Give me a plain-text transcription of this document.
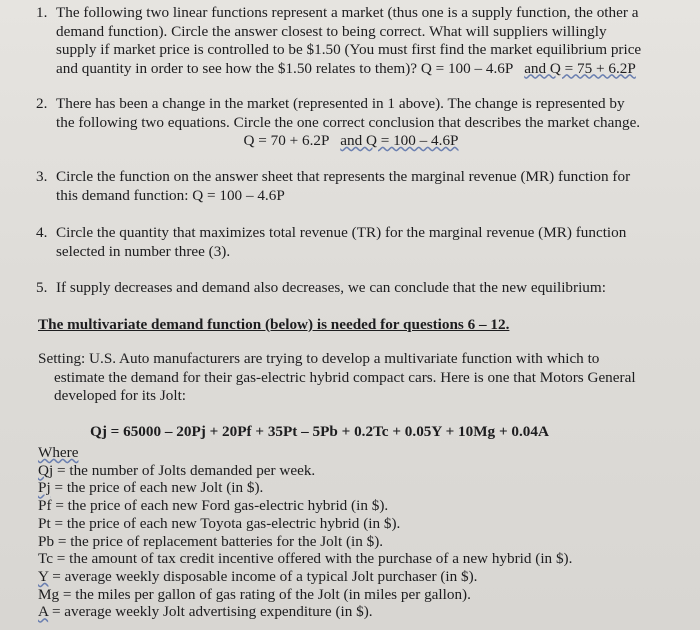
1. The following two linear functions represent a market (thus one is a supply function, the other a
demand function). Circle the answer closest to being correct. What will suppliers willingly
supply if market price is controlled to be $1.50 (You must first find the market equilibrium price
and quantity in order to see how the $1.50 relates to them)? Q = 100 – 4.6P and Q = 75 + 6.2P
2. There has been a change in the market (represented in 1 above). The change is represented by
the following two equations. Circle the one correct conclusion that describes the market change.
Q = 70 + 6.2P and Q = 100 – 4.6P
3. Circle the function on the answer sheet that represents the marginal revenue (MR) function for
this demand function: Q = 100 – 4.6P
4. Circle the quantity that maximizes total revenue (TR) for the marginal revenue (MR) function
selected in number three (3).
5. If supply decreases and demand also decreases, we can conclude that the new equilibrium:
The multivariate demand function (below) is needed for questions 6 – 12.
Setting: U.S. Auto manufacturers are trying to develop a multivariate function with which to
estimate the demand for their gas-electric hybrid compact cars. Here is one that Motors General
developed for its Jolt:
Qj = 65000 – 20Pj + 20Pf + 35Pt – 5Pb + 0.2Tc + 0.05Y + 10Mg + 0.04A
Where
Qj = the number of Jolts demanded per week.
Pj = the price of each new Jolt (in $).
Pf = the price of each new Ford gas-electric hybrid (in $).
Pt = the price of each new Toyota gas-electric hybrid (in $).
Pb = the price of replacement batteries for the Jolt (in $).
Tc = the amount of tax credit incentive offered with the purchase of a new hybrid (in $).
Y = average weekly disposable income of a typical Jolt purchaser (in $).
Mg = the miles per gallon of gas rating of the Jolt (in miles per gallon).
A = average weekly Jolt advertising expenditure (in $).
